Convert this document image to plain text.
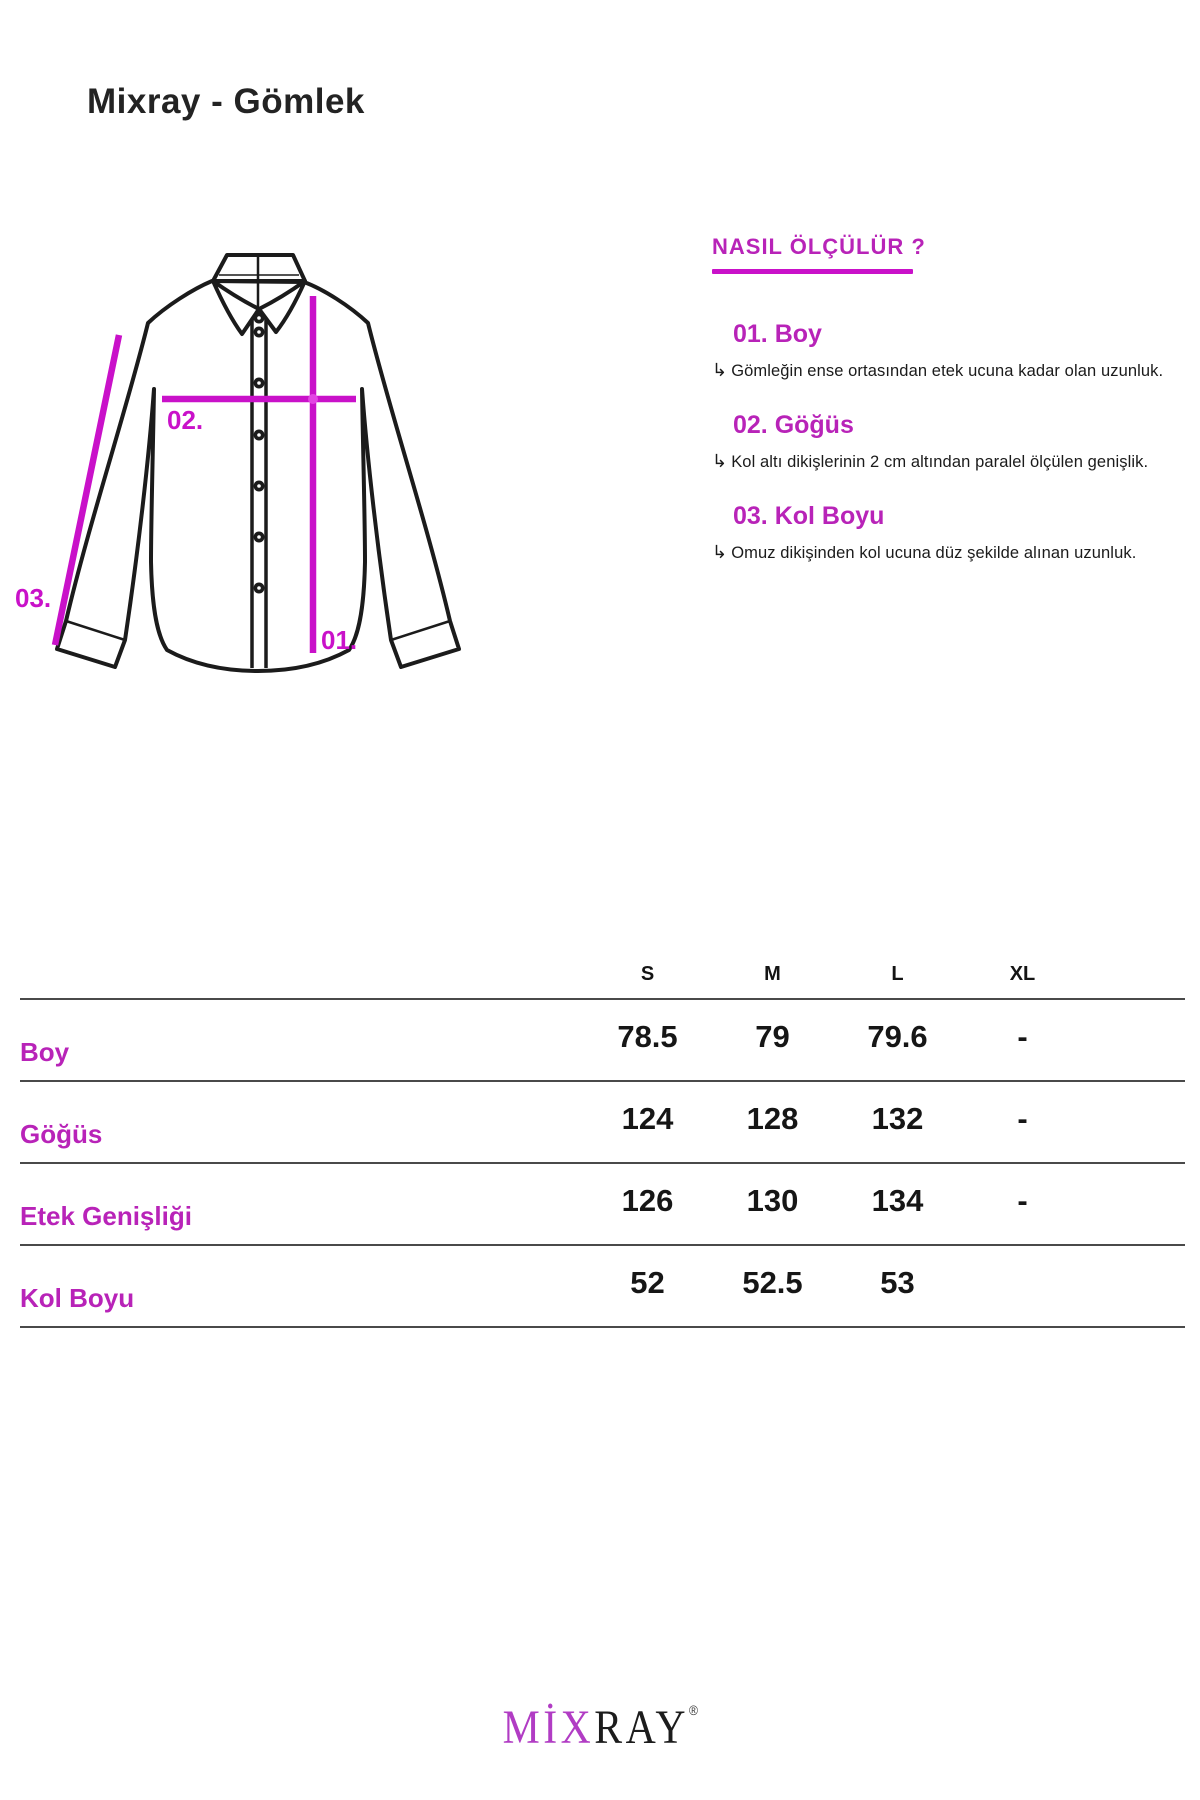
Mixray - Gömlek
02.
03.
01.
NASIL ÖLÇÜLÜR ?
01. Boy
↳ Gömleğin ense ortasından etek ucuna kadar olan uzunluk.
02. Göğüs
↳ Kol altı dikişlerinin 2 cm altından paralel ölçülen genişlik.
03. Kol Boyu
↳ Omuz dikişinden kol ucuna düz şekilde alınan uzunluk.
S	M	L	XL
Boy	78.5	79	79.6	-
Göğüs	124	128	132	-
Etek Genişliği	126	130	134	-
Kol Boyu	52	52.5	53
MİXRAY®
